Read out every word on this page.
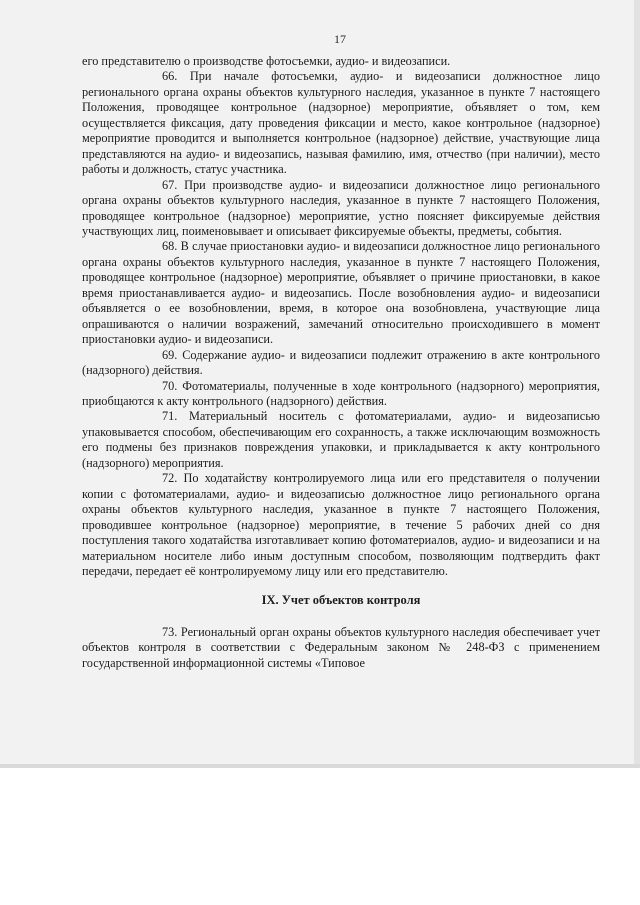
17

его представителю о производстве фотосъемки, аудио- и видеозаписи.

66. При начале фотосъемки, аудио- и видеозаписи должностное лицо регионального органа охраны объектов культурного наследия, указанное в пункте 7 настоящего Положения, проводящее контрольное (надзорное) мероприятие, объявляет о том, кем осуществляется фиксация, дату проведения фиксации и место, какое контрольное (надзорное) мероприятие проводится и выполняется контрольное (надзорное) действие, участвующие лица представляются на аудио- и видеозапись, называя фамилию, имя, отчество (при наличии), место работы и должность, статус участника.

67. При производстве аудио- и видеозаписи должностное лицо регионального органа охраны объектов культурного наследия, указанное в пункте 7 настоящего Положения, проводящее контрольное (надзорное) мероприятие, устно поясняет фиксируемые действия участвующих лиц, поименовывает и описывает фиксируемые объекты, предметы, события.

68. В случае приостановки аудио- и видеозаписи должностное лицо регионального органа охраны объектов культурного наследия, указанное в пункте 7 настоящего Положения, проводящее контрольное (надзорное) мероприятие, объявляет о причине приостановки, в какое время приостанавливается аудио- и видеозапись. После возобновления аудио- и видеозаписи объявляется о ее возобновлении, время, в которое она возобновлена, участвующие лица опрашиваются о наличии возражений, замечаний относительно происходившего в момент приостановки аудио- и видеозаписи.

69. Содержание аудио- и видеозаписи подлежит отражению в акте контрольного (надзорного) действия.

70. Фотоматериалы, полученные в ходе контрольного (надзорного) мероприятия, приобщаются к акту контрольного (надзорного) действия.

71. Материальный носитель с фотоматериалами, аудио- и видеозаписью упаковывается способом, обеспечивающим его сохранность, а также исключающим возможность его подмены без признаков повреждения упаковки, и прикладывается к акту контрольного (надзорного) мероприятия.

72. По ходатайству контролируемого лица или его представителя о получении копии с фотоматериалами, аудио- и видеозаписью должностное лицо регионального органа охраны объектов культурного наследия, указанное в пункте 7 настоящего Положения, проводившее контрольное (надзорное) мероприятие, в течение 5 рабочих дней со дня поступления такого ходатайства изготавливает копию фотоматериалов, аудио- и видеозаписи и на материальном носителе либо иным доступным способом, позволяющим подтвердить факт передачи, передает её контролируемому лицу или его представителю.

IX. Учет объектов контроля

73. Региональный орган охраны объектов культурного наследия обеспечивает учет объектов контроля в соответствии с Федеральным законом № 248-ФЗ с применением государственной информационной системы «Типовое
